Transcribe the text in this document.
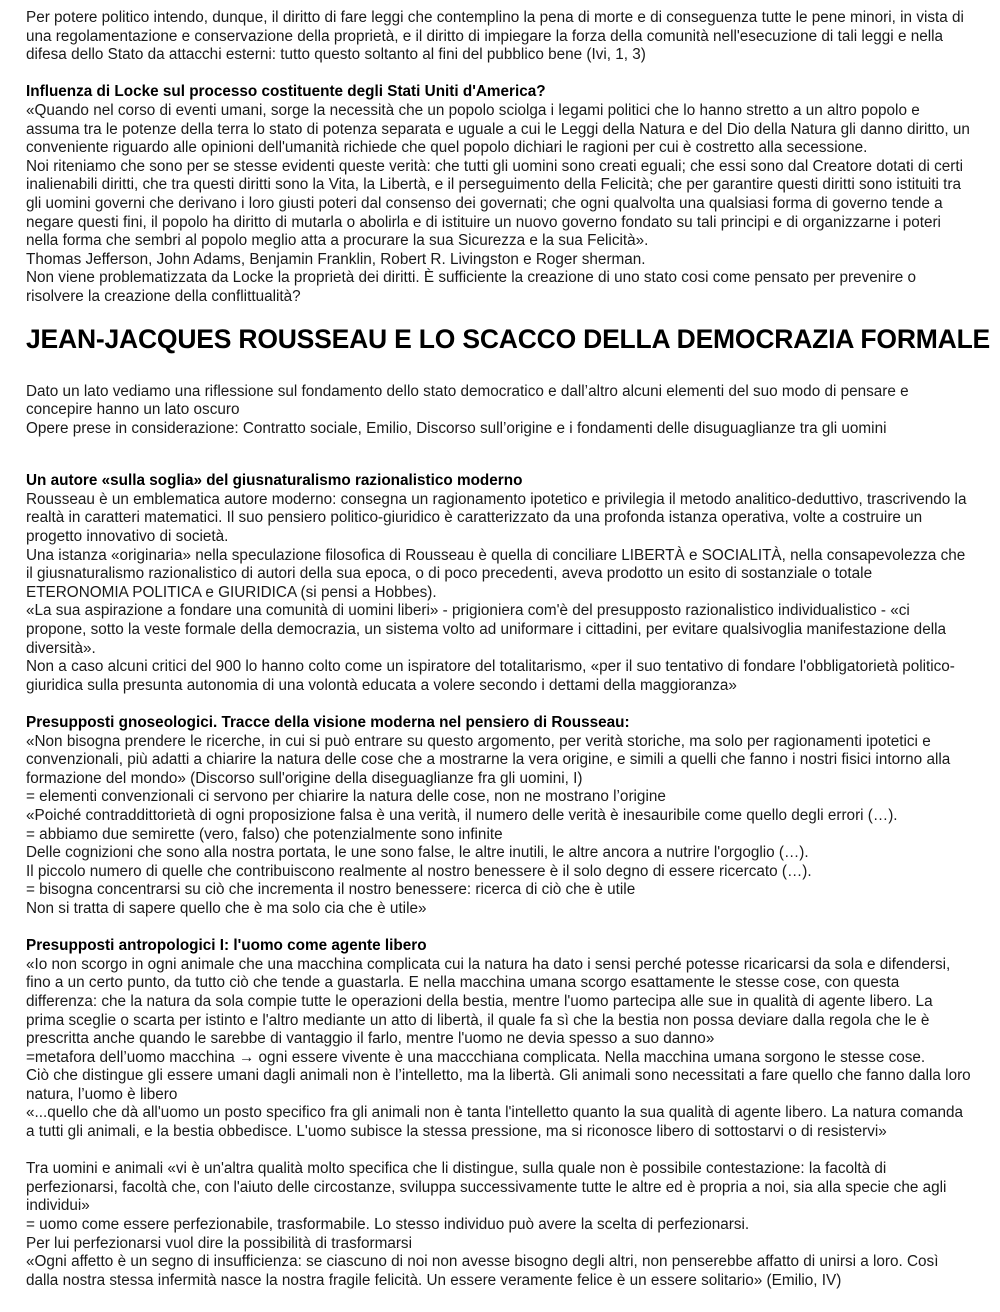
Per potere politico intendo, dunque, il diritto di fare leggi che contemplino la pena di morte e di conseguenza tutte le pene minori, in vista di una regolamentazione e conservazione della proprietà, e il diritto di impiegare la forza della comunità nell'esecuzione di tali leggi e nella difesa dello Stato da attacchi esterni: tutto questo soltanto al fini del pubblico bene (Ivi, 1, 3)

Influenza di Locke sul processo costituente degli Stati Uniti d'America?

«Quando nel corso di eventi umani, sorge la necessità che un popolo sciolga i legami politici che lo hanno stretto a un altro popolo e assuma tra le potenze della terra lo stato di potenza separata e uguale a cui le Leggi della Natura e del Dio della Natura gli danno diritto, un conveniente riguardo alle opinioni dell'umanità richiede che quel popolo dichiari le ragioni per cui è costretto alla secessione.

Noi riteniamo che sono per se stesse evidenti queste verità: che tutti gli uomini sono creati eguali; che essi sono dal Creatore dotati di certi inalienabili diritti, che tra questi diritti sono la Vita, la Libertà, e il perseguimento della Felicità; che per garantire questi diritti sono istituiti tra gli uomini governi che derivano i loro giusti poteri dal consenso dei governati; che ogni qualvolta una qualsiasi forma di governo tende a negare questi fini, il popolo ha diritto di mutarla o abolirla e di istituire un nuovo governo fondato su tali principi e di organizzarne i poteri nella forma che sembri al popolo meglio atta a procurare la sua Sicurezza e la sua Felicità».

Thomas Jefferson, John Adams, Benjamin Franklin, Robert R. Livingston e Roger sherman.

Non viene problematizzata da Locke la proprietà dei diritti. È sufficiente la creazione di uno stato cosi come pensato per prevenire o risolvere la creazione della conflittualità?

JEAN-JACQUES ROUSSEAU E LO SCACCO DELLA DEMOCRAZIA FORMALE

Dato un lato vediamo una riflessione sul fondamento dello stato democratico e dall’altro alcuni elementi del suo modo di pensare e concepire hanno un lato oscuro

Opere prese in considerazione: Contratto sociale, Emilio, Discorso sull’origine e i fondamenti delle disuguaglianze tra gli uomini

Un autore «sulla soglia» del giusnaturalismo razionalistico moderno

Rousseau è un emblematica autore moderno: consegna un ragionamento ipotetico e privilegia il metodo analitico-deduttivo, trascrivendo la realtà in caratteri matematici. Il suo pensiero politico-giuridico è caratterizzato da una profonda istanza operativa, volte a costruire un progetto innovativo di società.

Una istanza «originaria» nella speculazione filosofica di Rousseau è quella di conciliare LIBERTÀ e SOCIALITÀ, nella consapevolezza che il giusnaturalismo razionalistico di autori della sua epoca, o di poco precedenti, aveva prodotto un esito di sostanziale o totale ETERONOMIA POLITICA e GIURIDICA (si pensi a Hobbes).

«La sua aspirazione a fondare una comunità di uomini liberi» - prigioniera com'è del presupposto razionalistico individualistico - «ci propone, sotto la veste formale della democrazia, un sistema volto ad uniformare i cittadini, per evitare qualsivoglia manifestazione della diversità».

Non a caso alcuni critici del 900 lo hanno colto come un ispiratore del totalitarismo, «per il suo tentativo di fondare l'obbligatorietà politico-giuridica sulla presunta autonomia di una volontà educata a volere secondo i dettami della maggioranza»

Presupposti gnoseologici. Tracce della visione moderna nel pensiero di Rousseau:

«Non bisogna prendere le ricerche, in cui si può entrare su questo argomento, per verità storiche, ma solo per ragionamenti ipotetici e convenzionali, più adatti a chiarire la natura delle cose che a mostrarne la vera origine, e simili a quelli che fanno i nostri fisici intorno alla formazione del mondo» (Discorso sull'origine della diseguaglianze fra gli uomini, I)

= elementi convenzionali ci servono per chiarire la natura delle cose, non ne mostrano l’origine

«Poiché contraddittorietà di ogni proposizione falsa è una verità, il numero delle verità è inesauribile come quello degli errori (…).

= abbiamo due semirette (vero, falso) che potenzialmente sono infinite

Delle cognizioni che sono alla nostra portata, le une sono false, le altre inutili, le altre ancora a nutrire l'orgoglio (…).

Il piccolo numero di quelle che contribuiscono realmente al nostro benessere è il solo degno di essere ricercato (…).

= bisogna concentrarsi su ciò che incrementa il nostro benessere: ricerca di ciò che è utile

Non si tratta di sapere quello che è ma solo cia che è utile»

Presupposti antropologici I: l'uomo come agente libero

«Io non scorgo in ogni animale che una macchina complicata cui la natura ha dato i sensi perché potesse ricaricarsi da sola e difendersi, fino a un certo punto, da tutto ciò che tende a guastarla. E nella macchina umana scorgo esattamente le stesse cose, con questa differenza: che la natura da sola compie tutte le operazioni della bestia, mentre l'uomo partecipa alle sue in qualità di agente libero. La prima sceglie o scarta per istinto e l'altro mediante un atto di libertà, il quale fa sì che la bestia non possa deviare dalla regola che le è prescritta anche quando le sarebbe di vantaggio il farlo, mentre l'uomo ne devia spesso a suo danno»

=metafora dell’uomo macchina → ogni essere vivente è una maccchiana complicata. Nella macchina umana sorgono le stesse cose.

Ciò che distingue gli essere umani dagli animali non è l’intelletto, ma la libertà. Gli animali sono necessitati a fare quello che fanno dalla loro natura, l’uomo è libero

«...quello che dà all'uomo un posto specifico fra gli animali non è tanta l'intelletto quanto la sua qualità di agente libero. La natura comanda a tutti gli animali, e la bestia obbedisce. L'uomo subisce la stessa pressione, ma si riconosce libero di sottostarvi o di resistervi»

Tra uomini e animali «vi è un'altra qualità molto specifica che li distingue, sulla quale non è possibile contestazione: la facoltà di perfezionarsi, facoltà che, con l'aiuto delle circostanze, sviluppa successivamente tutte le altre ed è propria a noi, sia alla specie che agli individui»

= uomo come essere perfezionabile, trasformabile. Lo stesso individuo può avere la scelta di perfezionarsi.

Per lui perfezionarsi vuol dire la possibilità di trasformarsi

«Ogni affetto è un segno di insufficienza: se ciascuno di noi non avesse bisogno degli altri, non penserebbe affatto di unirsi a loro. Così dalla nostra stessa infermità nasce la nostra fragile felicità. Un essere veramente felice è un essere solitario» (Emilio, IV)
